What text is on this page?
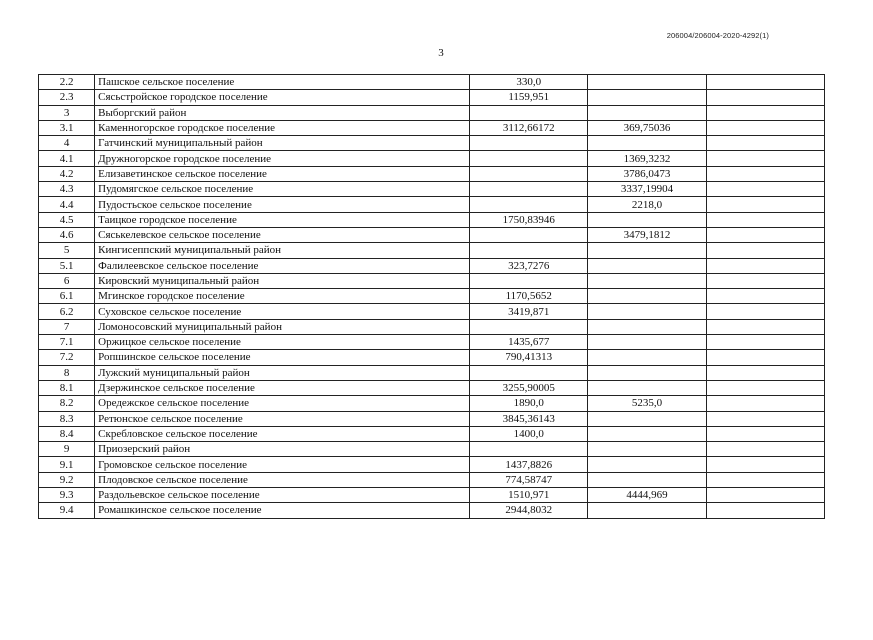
206004/206004-2020-4292(1)
3
2.2	Пашское сельское поселение	330,0		
2.3	Сясьстройское городское поселение	1159,951		
3	Выборгский район			
3.1	Каменногорское городское поселение	3112,66172	369,75036	
4	Гатчинский муниципальный район			
4.1	Дружногорское городское поселение		1369,3232	
4.2	Елизаветинское сельское поселение		3786,0473	
4.3	Пудомягское сельское поселение		3337,19904	
4.4	Пудостьское сельское поселение		2218,0	
4.5	Таицкое городское поселение	1750,83946		
4.6	Сяськелевское сельское поселение		3479,1812	
5	Кингисеппский муниципальный район			
5.1	Фалилеевское сельское поселение	323,7276		
6	Кировский муниципальный район			
6.1	Мгинское городское поселение	1170,5652		
6.2	Суховское сельское поселение	3419,871		
7	Ломоносовский муниципальный район			
7.1	Оржицкое сельское поселение	1435,677		
7.2	Ропшинское сельское поселение	790,41313		
8	Лужский муниципальный район			
8.1	Дзержинское сельское поселение	3255,90005		
8.2	Оредежское сельское поселение	1890,0	5235,0	
8.3	Ретюнское сельское поселение	3845,36143		
8.4	Скребловское сельское поселение	1400,0		
9	Приозерский район			
9.1	Громовское сельское поселение	1437,8826		
9.2	Плодовское сельское поселение	774,58747		
9.3	Раздольевское сельское поселение	1510,971	4444,969	
9.4	Ромашкинское сельское поселение	2944,8032		
